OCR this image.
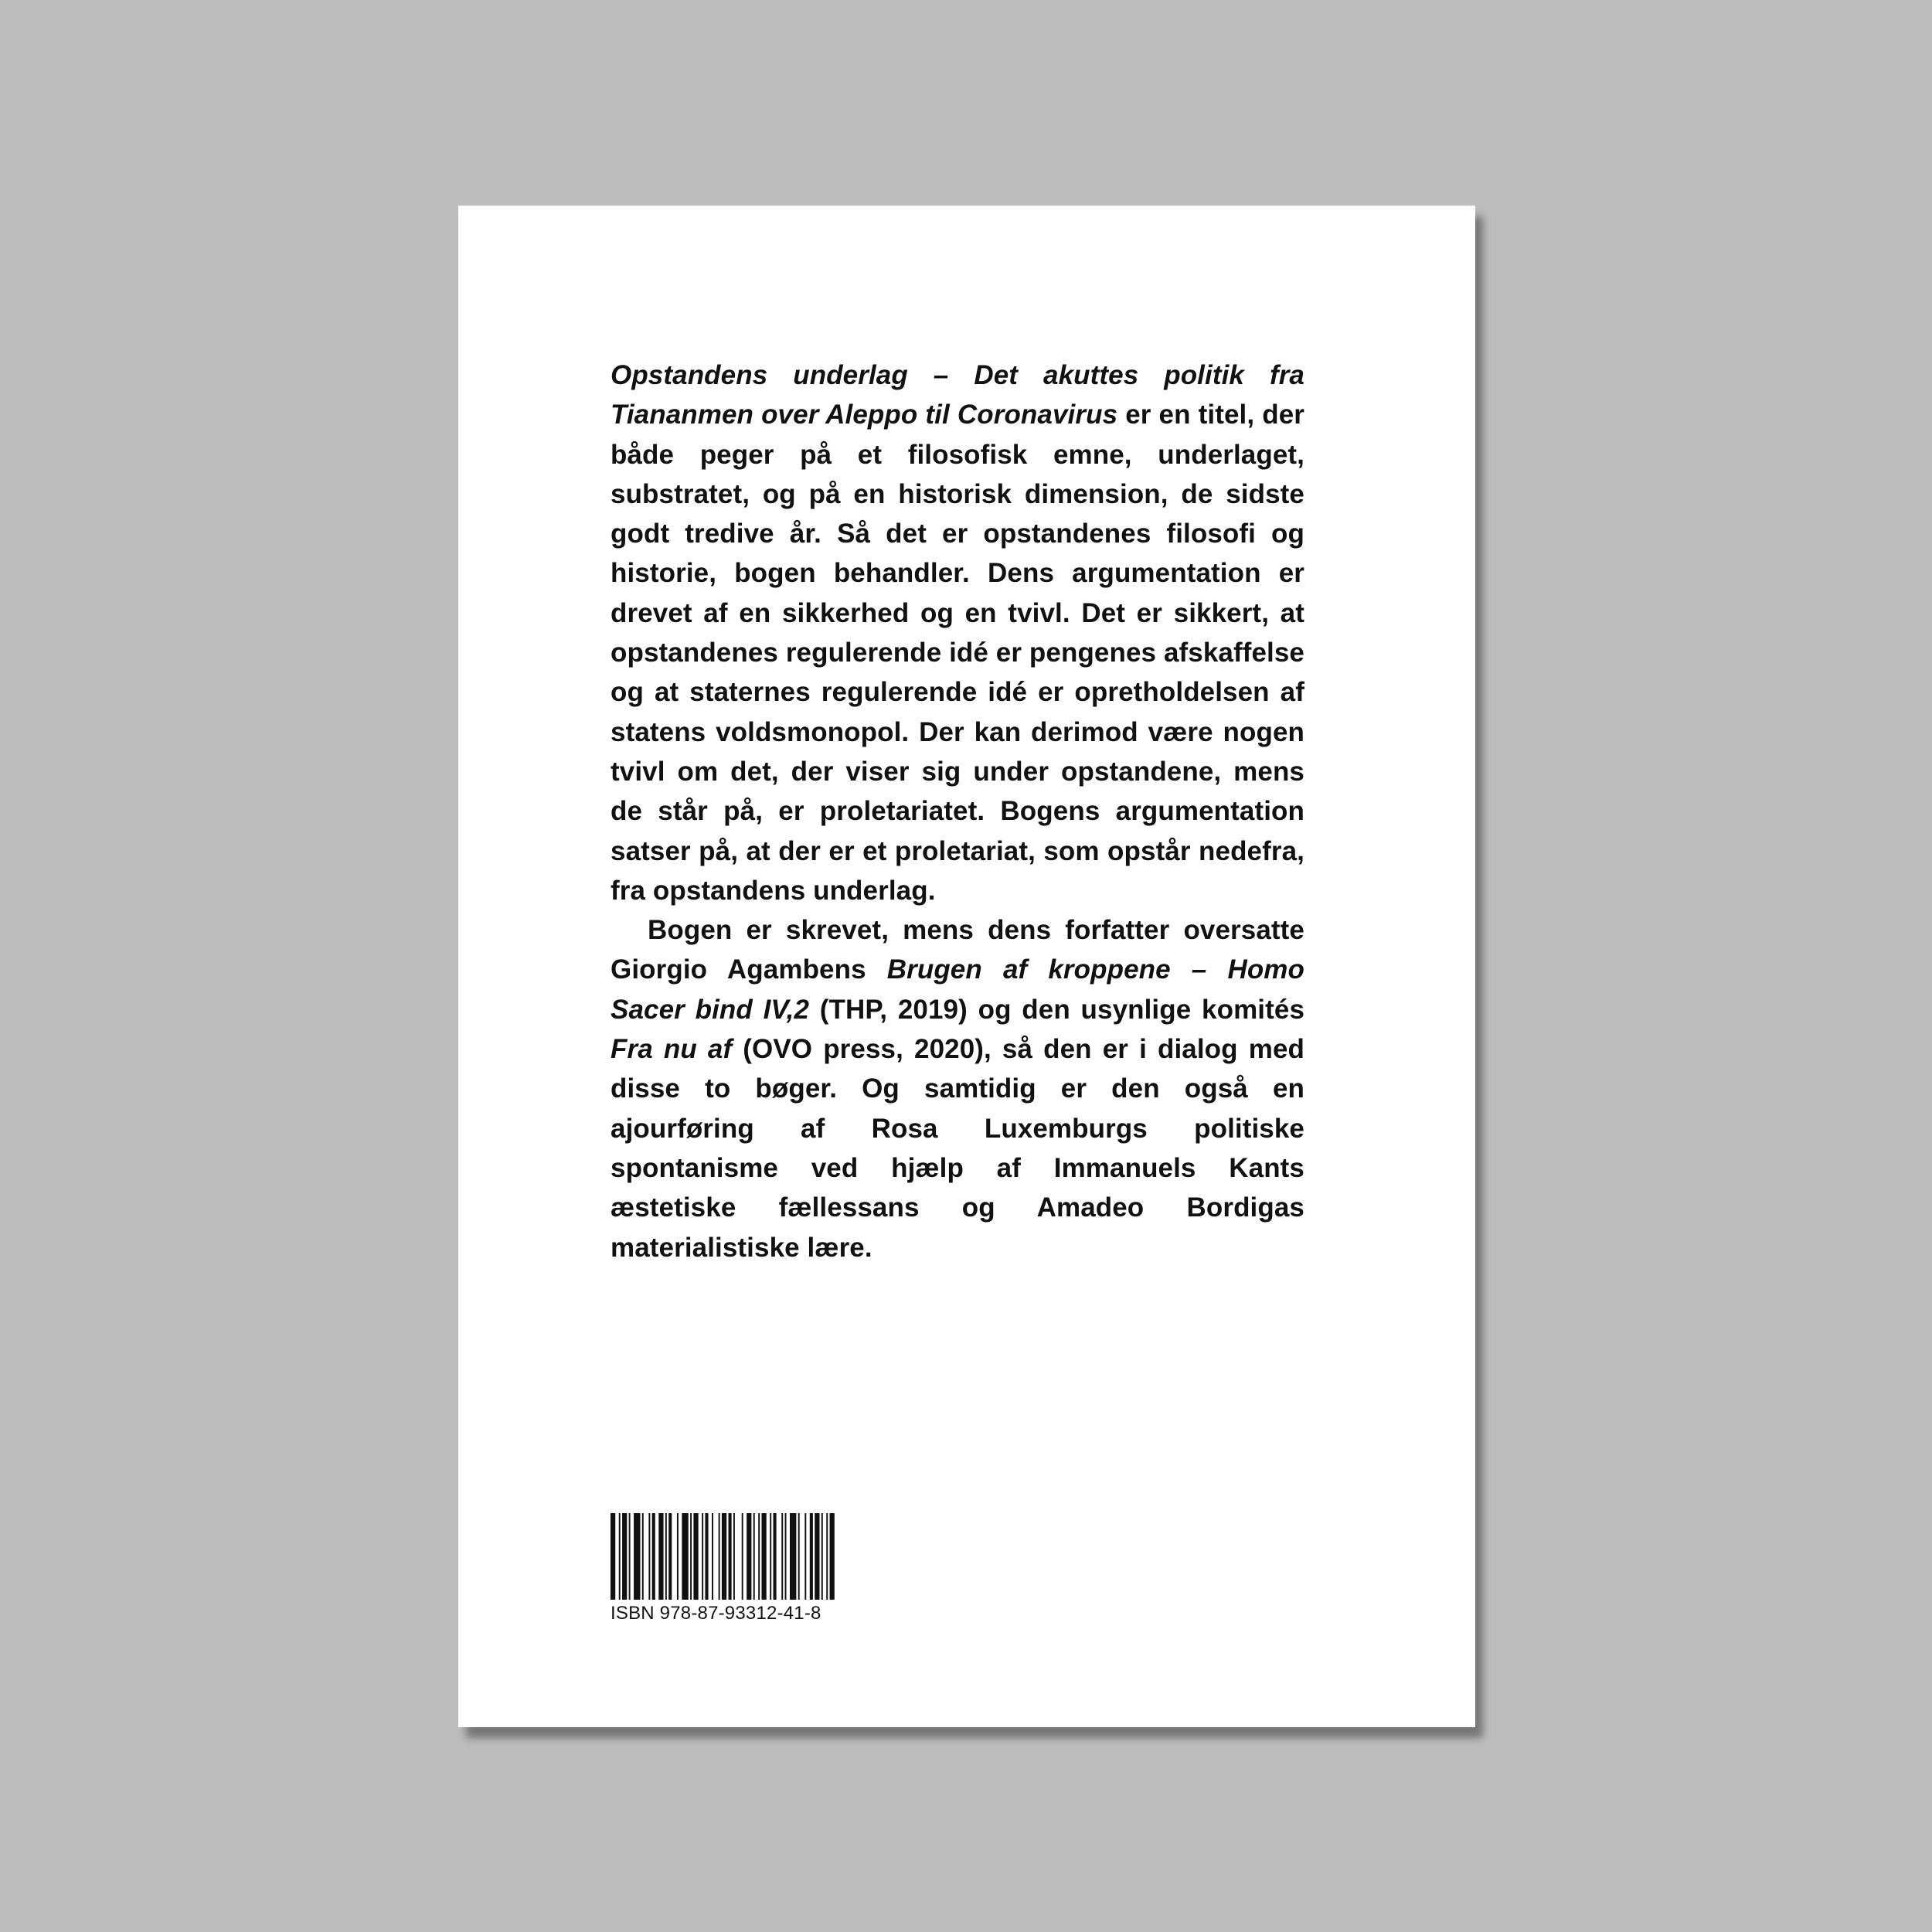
Opstandens underlag – Det akuttes politik fra Tiananmen over Aleppo til Coronavirus er en titel, der både peger på et filosofisk emne, underlaget, substratet, og på en historisk dimension, de sidste godt tredive år. Så det er opstandenes filosofi og historie, bogen behandler. Dens argumentation er drevet af en sikkerhed og en tvivl. Det er sikkert, at opstandenes regulerende idé er pengenes afskaffelse og at staternes regulerende idé er opretholdelsen af statens voldsmonopol. Der kan derimod være nogen tvivl om det, der viser sig under opstandene, mens de står på, er proletariatet. Bogens argumentation satser på, at der er et proletariat, som opstår nedefra, fra opstandens underlag.

Bogen er skrevet, mens dens forfatter oversatte Giorgio Agambens Brugen af kroppene – Homo Sacer bind IV,2 (THP, 2019) og den usynlige komités Fra nu af (OVO press, 2020), så den er i dialog med disse to bøger. Og samtidig er den også en ajourføring af Rosa Luxemburgs politiske spontanisme ved hjælp af Immanuels Kants æstetiske fællessans og Amadeo Bordigas materialistiske lære.

ISBN 978-87-93312-41-8
